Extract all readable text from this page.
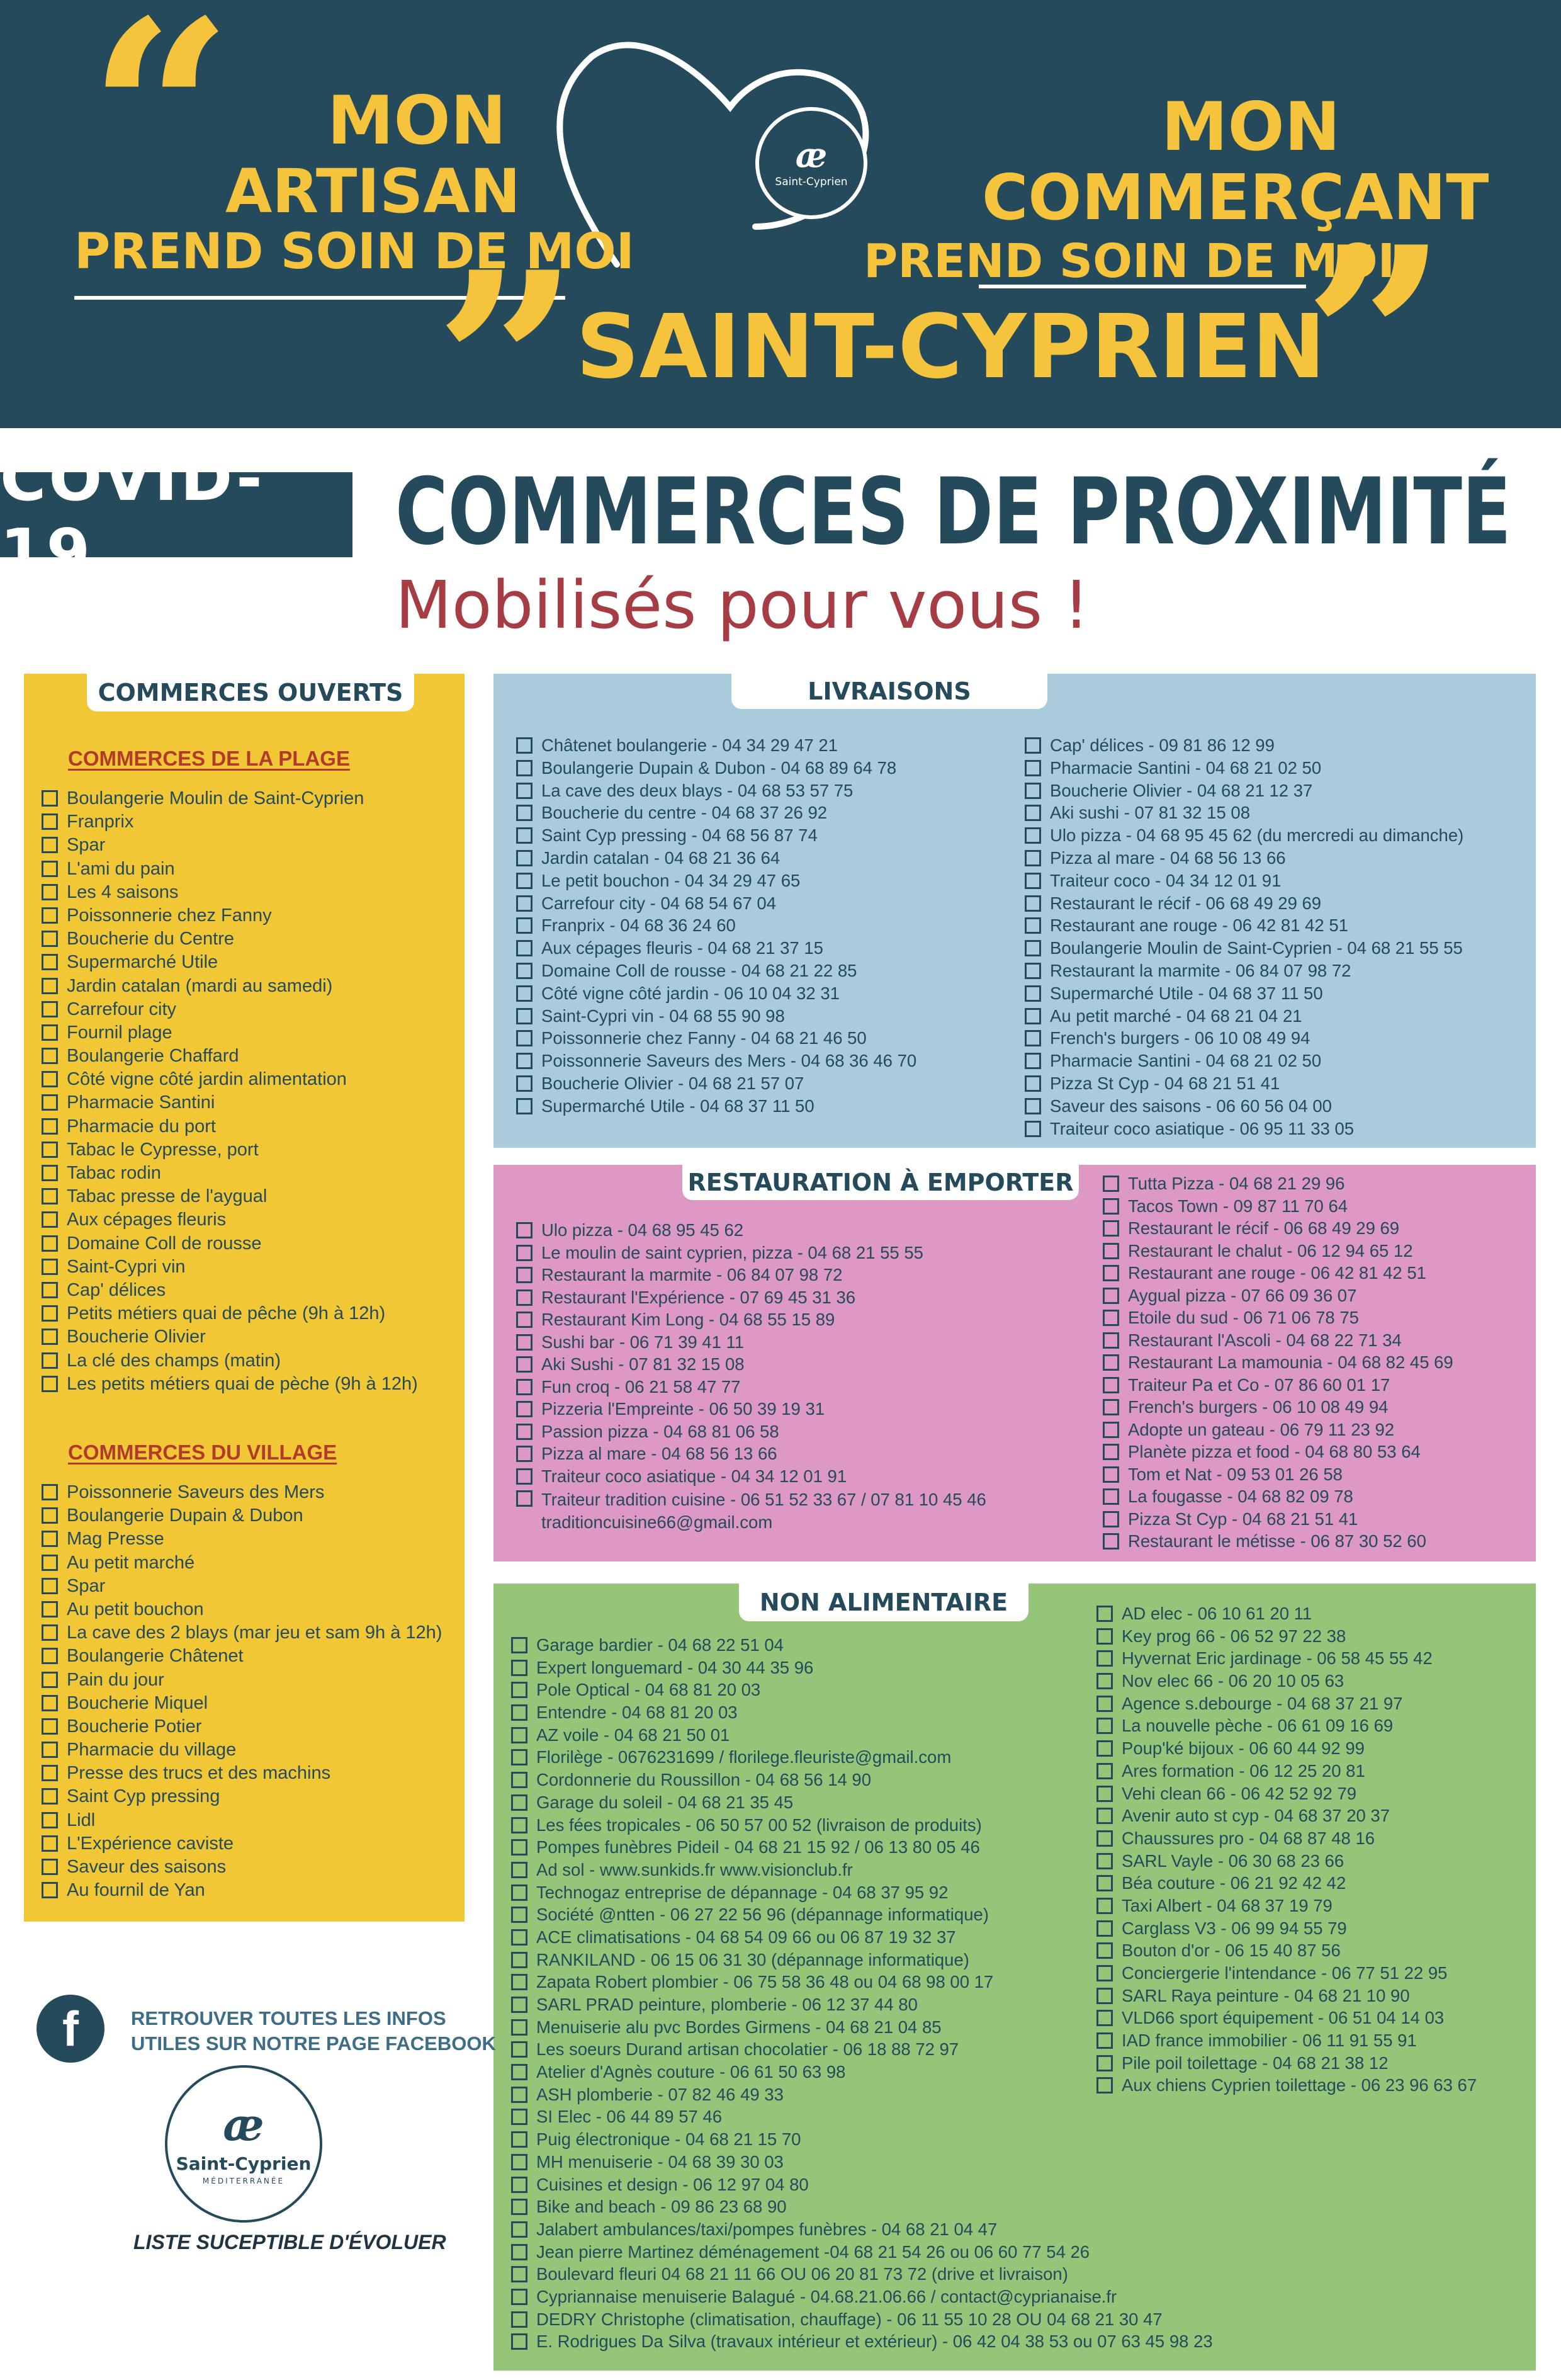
“
”	”
MON
ARTISAN
PREND SOIN DE MOI
MON
COMMERÇANT
PREND SOIN DE MOI
SAINT-CYPRIEN
æ
Saint-Cyprien
COVID-19	COMMERCES DE PROXIMITÉ
Mobilisés pour vous !
COMMERCES OUVERTS
COMMERCES DE LA PLAGE
Boulangerie Moulin de Saint-Cyprien
Franprix
Spar
L'ami du pain
Les 4 saisons
Poissonnerie chez Fanny
Boucherie du Centre
Supermarché Utile
Jardin catalan (mardi au samedi)
Carrefour city
Fournil plage
Boulangerie Chaffard
Côté vigne côté jardin alimentation
Pharmacie Santini
Pharmacie du port
Tabac le Cypresse, port
Tabac rodin
Tabac presse de l'aygual
Aux cépages fleuris
Domaine Coll de rousse
Saint-Cypri vin
Cap' délices
Petits métiers quai de pêche (9h à 12h)
Boucherie Olivier
La clé des champs (matin)
Les petits métiers quai de pèche (9h à 12h)
COMMERCES DU VILLAGE
Poissonnerie Saveurs des Mers
Boulangerie Dupain & Dubon
Mag Presse
Au petit marché
Spar
Au petit bouchon
La cave des 2 blays (mar jeu et sam 9h à 12h)
Boulangerie Châtenet
Pain du jour
Boucherie Miquel
Boucherie Potier
Pharmacie du village
Presse des trucs et des machins
Saint Cyp pressing
Lidl
L'Expérience caviste
Saveur des saisons
Au fournil de Yan
LIVRAISONS
Châtenet boulangerie - 04 34 29 47 21
Boulangerie Dupain & Dubon - 04 68 89 64 78
La cave des deux blays - 04 68 53 57 75
Boucherie du centre - 04 68 37 26 92
Saint Cyp pressing - 04 68 56 87 74
Jardin catalan - 04 68 21 36 64
Le petit bouchon - 04 34 29 47 65
Carrefour city - 04 68 54 67 04
Franprix - 04 68 36 24 60
Aux cépages fleuris - 04 68 21 37 15
Domaine Coll de rousse - 04 68 21 22 85
Côté vigne côté jardin - 06 10 04 32 31
Saint-Cypri vin - 04 68 55 90 98
Poissonnerie chez Fanny - 04 68 21 46 50
Poissonnerie Saveurs des Mers - 04 68 36 46 70
Boucherie Olivier - 04 68 21 57 07
Supermarché Utile - 04 68 37 11 50
Cap' délices - 09 81 86 12 99
Pharmacie Santini - 04 68 21 02 50
Boucherie Olivier - 04 68 21 12 37
Aki sushi - 07 81 32 15 08
Ulo pizza - 04 68 95 45 62 (du mercredi au dimanche)
Pizza al mare - 04 68 56 13 66
Traiteur coco - 04 34 12 01 91
Restaurant le récif - 06 68 49 29 69
Restaurant ane rouge - 06 42 81 42 51
Boulangerie Moulin de Saint-Cyprien - 04 68 21 55 55
Restaurant la marmite - 06 84 07 98 72
Supermarché Utile - 04 68 37 11 50
Au petit marché - 04 68 21 04 21
French's burgers - 06 10 08 49 94
Pharmacie Santini - 04 68 21 02 50
Pizza St Cyp - 04 68 21 51 41
Saveur des saisons - 06 60 56 04 00
Traiteur coco asiatique - 06 95 11 33 05
RESTAURATION À EMPORTER
Ulo pizza - 04 68 95 45 62
Le moulin de saint cyprien, pizza - 04 68 21 55 55
Restaurant la marmite - 06 84 07 98 72
Restaurant l'Expérience - 07 69 45 31 36
Restaurant Kim Long - 04 68 55 15 89
Sushi bar - 06 71 39 41 11
Aki Sushi - 07 81 32 15 08
Fun croq - 06 21 58 47 77
Pizzeria l'Empreinte - 06 50 39 19 31
Passion pizza - 04 68 81 06 58
Pizza al mare - 04 68 56 13 66
Traiteur coco asiatique - 04 34 12 01 91
Traiteur tradition cuisine - 06 51 52 33 67 / 07 81 10 45 46 traditioncuisine66@gmail.com
Tutta Pizza - 04 68 21 29 96
Tacos Town - 09 87 11 70 64
Restaurant le récif - 06 68 49 29 69
Restaurant le chalut - 06 12 94 65 12
Restaurant ane rouge - 06 42 81 42 51
Aygual pizza - 07 66 09 36 07
Etoile du sud - 06 71 06 78 75
Restaurant l'Ascoli - 04 68 22 71 34
Restaurant La mamounia - 04 68 82 45 69
Traiteur Pa et Co - 07 86 60 01 17
French's burgers - 06 10 08 49 94
Adopte un gateau - 06 79 11 23 92
Planète pizza et food - 04 68 80 53 64
Tom et Nat - 09 53 01 26 58
La fougasse - 04 68 82 09 78
Pizza St Cyp - 04 68 21 51 41
Restaurant le métisse - 06 87 30 52 60
NON ALIMENTAIRE
Garage bardier - 04 68 22 51 04
Expert longuemard - 04 30 44 35 96
Pole Optical - 04 68 81 20 03
Entendre - 04 68 81 20 03
AZ voile - 04 68 21 50 01
Florilège - 0676231699 / florilege.fleuriste@gmail.com
Cordonnerie du Roussillon - 04 68 56 14 90
Garage du soleil - 04 68 21 35 45
Les fées tropicales - 06 50 57 00 52 (livraison de produits)
Pompes funèbres Pideil - 04 68 21 15 92 / 06 13 80 05 46
Ad sol - www.sunkids.fr www.visionclub.fr
Technogaz entreprise de dépannage - 04 68 37 95 92
Société @ntten - 06 27 22 56 96 (dépannage informatique)
ACE climatisations - 04 68 54 09 66 ou 06 87 19 32 37
RANKILAND - 06 15 06 31 30 (dépannage informatique)
Zapata Robert plombier - 06 75 58 36 48 ou 04 68 98 00 17
SARL PRAD peinture, plomberie - 06 12 37 44 80
Menuiserie alu pvc Bordes Girmens - 04 68 21 04 85
Les soeurs Durand artisan chocolatier - 06 18 88 72 97
Atelier d'Agnès couture - 06 61 50 63 98
ASH plomberie - 07 82 46 49 33
SI Elec - 06 44 89 57 46
Puig électronique - 04 68 21 15 70
MH menuiserie - 04 68 39 30 03
Cuisines et design - 06 12 97 04 80
Bike and beach - 09 86 23 68 90
Jalabert ambulances/taxi/pompes funèbres - 04 68 21 04 47
Jean pierre Martinez déménagement -04 68 21 54 26 ou 06 60 77 54 26
Boulevard fleuri 04 68 21 11 66 OU 06 20 81 73 72 (drive et livraison)
Cypriannaise menuiserie Balagué - 04.68.21.06.66 / contact@cyprianaise.fr
DEDRY Christophe (climatisation, chauffage) - 06 11 55 10 28 OU 04 68 21 30 47
E. Rodrigues Da Silva (travaux intérieur et extérieur) - 06 42 04 38 53 ou 07 63 45 98 23
AD elec - 06 10 61 20 11
Key prog 66 - 06 52 97 22 38
Hyvernat Eric jardinage - 06 58 45 55 42
Nov elec 66 - 06 20 10 05 63
Agence s.debourge - 04 68 37 21 97
La nouvelle pèche - 06 61 09 16 69
Poup'ké bijoux - 06 60 44 92 99
Ares formation - 06 12 25 20 81
Vehi clean 66 - 06 42 52 92 79
Avenir auto st cyp - 04 68 37 20 37
Chaussures pro - 04 68 87 48 16
SARL Vayle - 06 30 68 23 66
Béa couture - 06 21 92 42 42
Taxi Albert - 04 68 37 19 79
Carglass V3 - 06 99 94 55 79
Bouton d'or - 06 15 40 87 56
Conciergerie l'intendance - 06 77 51 22 95
SARL Raya peinture - 04 68 21 10 90
VLD66 sport équipement - 06 51 04 14 03
IAD france immobilier - 06 11 91 55 91
Pile poil toilettage - 04 68 21 38 12
Aux chiens Cyprien toilettage - 06 23 96 63 67
f	RETROUVER TOUTES LES INFOS
UTILES SUR NOTRE PAGE FACEBOOK
æ
Saint-Cyprien
MÉDITERRANÉE
LISTE SUCEPTIBLE D'ÉVOLUER
